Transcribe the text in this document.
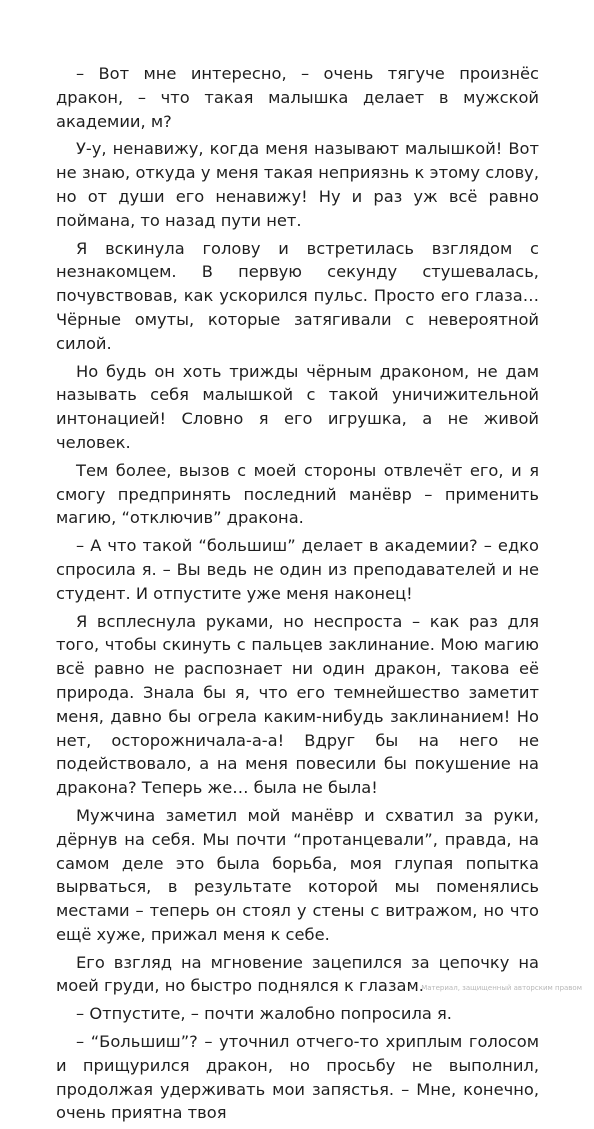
– Вот мне интересно, – очень тягуче произнёс дракон, – что такая малышка делает в мужской академии, м?

У-у, ненавижу, когда меня называют малышкой! Вот не знаю, откуда у меня такая неприязнь к этому слову, но от души его ненавижу! Ну и раз уж всё равно поймана, то назад пути нет.

Я вскинула голову и встретилась взглядом с незнакомцем. В первую секунду стушевалась, почувствовав, как ускорился пульс. Просто его глаза… Чёрные омуты, которые затягивали с невероятной силой.

Но будь он хоть трижды чёрным драконом, не дам называть себя малышкой с такой уничижительной интонацией! Словно я его игрушка, а не живой человек.

Тем более, вызов с моей стороны отвлечёт его, и я смогу предпринять последний манёвр – применить магию, “отключив” дракона.

– А что такой “большиш” делает в академии? – едко спросила я. – Вы ведь не один из преподавателей и не студент. И отпустите уже меня наконец!

Я всплеснула руками, но неспроста – как раз для того, чтобы скинуть с пальцев заклинание. Мою магию всё равно не распознает ни один дракон, такова её природа. Знала бы я, что его темнейшество заметит меня, давно бы огрела каким-нибудь заклинанием! Но нет, осторожничала-а-а! Вдруг бы на него не подействовало, а на меня повесили бы покушение на дракона? Теперь же… была не была!

Мужчина заметил мой манёвр и схватил за руки, дёрнув на себя. Мы почти “протанцевали”, правда, на самом деле это была борьба, моя глупая попытка вырваться, в результате которой мы поменялись местами – теперь он стоял у стены с витражом, но что ещё хуже, прижал меня к себе.

Его взгляд на мгновение зацепился за цепочку на моей груди, но быстро поднялся к глазам.

– Отпустите, – почти жалобно попросила я.

– “Большиш”? – уточнил отчего-то хриплым голосом и прищурился дракон, но просьбу не выполнил, продолжая удерживать мои запястья. – Мне, конечно, очень приятна твоя

Материал, защищенный авторским правом
